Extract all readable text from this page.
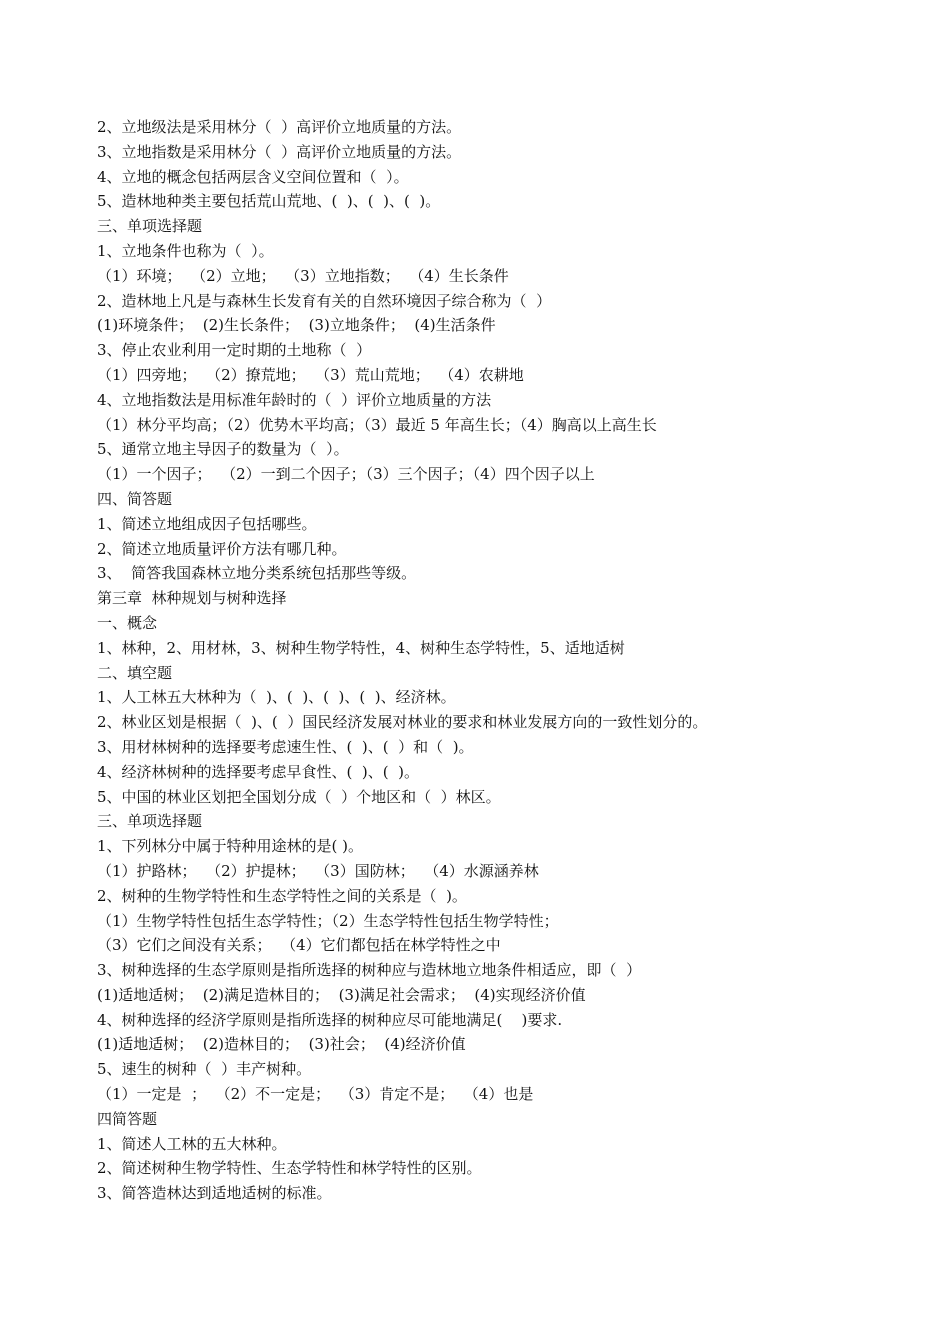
2、立地级法是采用林分（  ）高评价立地质量的方法。
3、立地指数是采用林分（  ）高评价立地质量的方法。
4、立地的概念包括两层含义空间位置和（  ）。
5、造林地种类主要包括荒山荒地、(  )、(  )、(  )。
三、单项选择题
1、立地条件也称为（  ）。
（1）环境；  （2）立地；  （3）立地指数；  （4）生长条件
2、造林地上凡是与森林生长发育有关的自然环境因子综合称为（  ）
(1)环境条件；  (2)生长条件；  (3)立地条件；  (4)生活条件
3、停止农业利用一定时期的土地称（  ）
（1）四旁地；  （2）撩荒地；  （3）荒山荒地；  （4）农耕地
4、立地指数法是用标准年龄时的（  ）评价立地质量的方法
（1）林分平均高；（2）优势木平均高；（3）最近 5 年高生长；（4）胸高以上高生长
5、通常立地主导因子的数量为（  ）。
（1）一个因子；  （2）一到二个因子；（3）三个因子；（4）四个因子以上
四、简答题
1、简述立地组成因子包括哪些。
2、简述立地质量评价方法有哪几种。
3、  简答我国森林立地分类系统包括那些等级。
第三章  林种规划与树种选择
一、概念
1、林种，2、用材林，3、树种生物学特性，4、树种生态学特性，5、适地适树
二、填空题
1、人工林五大林种为（  )、(  )、(  )、(  )、经济林。
2、林业区划是根据（  )、(  ）国民经济发展对林业的要求和林业发展方向的一致性划分的。
3、用材林树种的选择要考虑速生性、(  )、(  ）和（  )。
4、经济林树种的选择要考虑早食性、(  )、(  )。
5、中国的林业区划把全国划分成（  ）个地区和（  ）林区。
三、单项选择题
1、下列林分中属于特种用途林的是( )。
（1）护路林；  （2）护提林；  （3）国防林；  （4）水源涵养林
2、树种的生物学特性和生态学特性之间的关系是（  )。
（1）生物学特性包括生态学特性；（2）生态学特性包括生物学特性；
（3）它们之间没有关系；  （4）它们都包括在林学特性之中
3、树种选择的生态学原则是指所选择的树种应与造林地立地条件相适应，即（  ）
(1)适地适树；  (2)满足造林目的；  (3)满足社会需求；  (4)实现经济价值
4、树种选择的经济学原则是指所选择的树种应尽可能地满足(    )要求.
(1)适地适树；  (2)造林目的；  (3)社会；  (4)经济价值
5、速生的树种（  ）丰产树种。
（1）一定是  ；  （2）不一定是；  （3）肯定不是；  （4）也是
四简答题
1、简述人工林的五大林种。
2、简述树种生物学特性、生态学特性和林学特性的区别。
3、简答造林达到适地适树的标准。
